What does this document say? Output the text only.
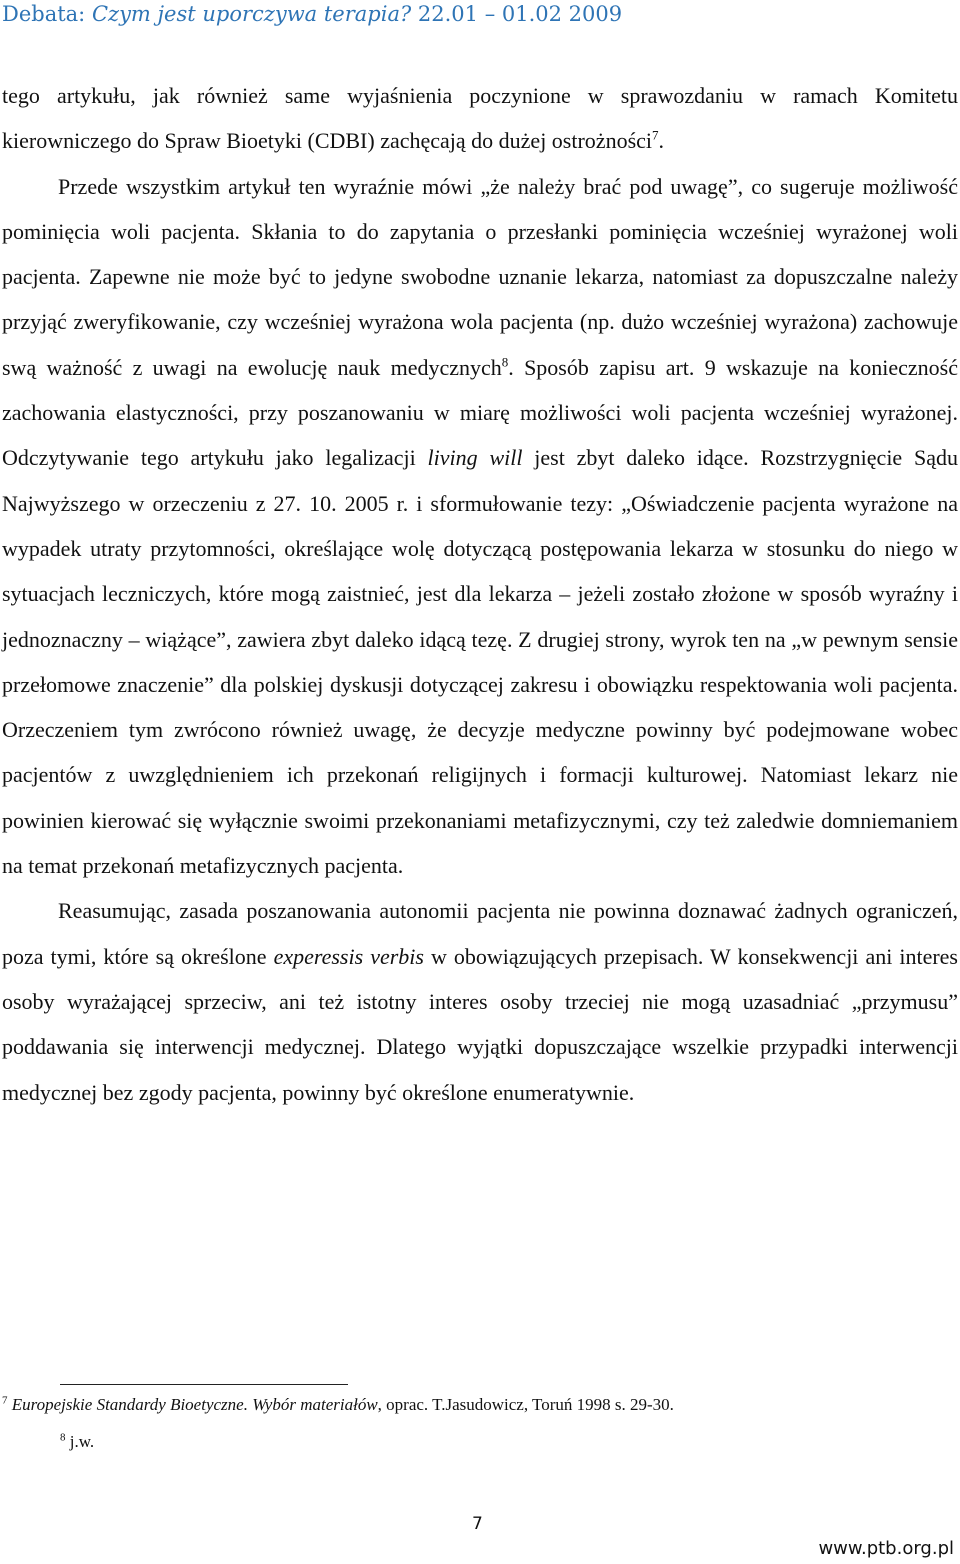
Debata: Czym jest uporczywa terapia? 22.01 – 01.02 2009

tego artykułu, jak również same wyjaśnienia poczynione w sprawozdaniu w ramach Komitetu kierowniczego do Spraw Bioetyki (CDBI) zachęcają do dużej ostrożności$^7$.
Przede wszystkim artykuł ten wyraźnie mówi „że należy brać pod uwagę”, co sugeruje możliwość pominięcia woli pacjenta. Skłania to do zapytania o przesłanki pominięcia wcześniej wyrażonej woli pacjenta. Zapewne nie może być to jedyne swobodne uznanie lekarza, natomiast za dopuszczalne należy przyjąć zweryfikowanie, czy wcześniej wyrażona wola pacjenta (np. dużo wcześniej wyrażona) zachowuje swą ważność z uwagi na ewolucję nauk medycznych$^8$. Sposób zapisu art. 9 wskazuje na konieczność zachowania elastyczności, przy poszanowaniu w miarę możliwości woli pacjenta wcześniej wyrażonej. Odczytywanie tego artykułu jako legalizacji living will jest zbyt daleko idące. Rozstrzygnięcie Sądu Najwyższego w orzeczeniu z 27. 10. 2005 r. i sformułowanie tezy: „Oświadczenie pacjenta wyrażone na wypadek utraty przytomności, określające wolę dotyczącą postępowania lekarza w stosunku do niego w sytuacjach leczniczych, które mogą zaistnieć, jest dla lekarza – jeżeli zostało złożone w sposób wyraźny i jednoznaczny – wiążące”, zawiera zbyt daleko idącą tezę. Z drugiej strony, wyrok ten na „w pewnym sensie przełomowe znaczenie” dla polskiej dyskusji dotyczącej zakresu i obowiązku respektowania woli pacjenta. Orzeczeniem tym zwrócono również uwagę, że decyzje medyczne powinny być podejmowane wobec pacjentów z uwzględnieniem ich przekonań religijnych i formacji kulturowej. Natomiast lekarz nie powinien kierować się wyłącznie swoimi przekonaniami metafizycznymi, czy też zaledwie domniemaniem na temat przekonań metafizycznych pacjenta.

Reasumując, zasada poszanowania autonomii pacjenta nie powinna doznawać żadnych ograniczeń, poza tymi, które są określone experessis verbis w obowiązujących przepisach. W konsekwencji ani interes osoby wyrażającej sprzeciw, ani też istotny interes osoby trzeciej nie mogą uzasadniać „przymusu” poddawania się interwencji medycznej. Dlatego wyjątki dopuszczające wszelkie przypadki interwencji medycznej bez zgody pacjenta, powinny być określone enumeratywnie.

$^7$ Europejskie Standardy Bioetyczne. Wybór materiałów, oprac. T.Jasudowicz, Toruń 1998 s. 29-30.
$^8$ j.w.
7
www.ptb.org.pl
